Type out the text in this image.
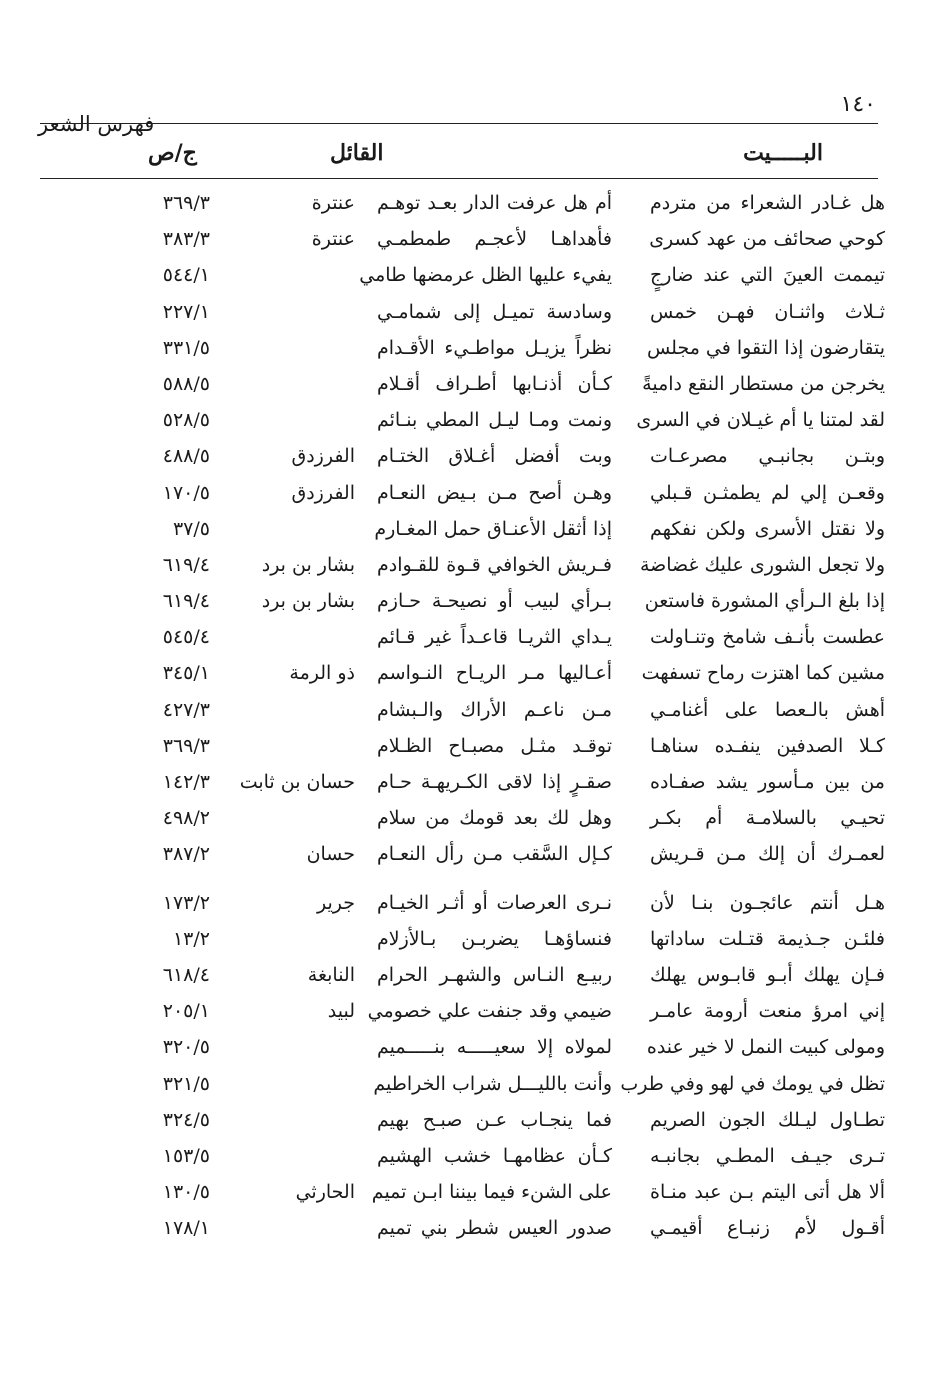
١٤٠
فهرس الشعر
البـــــيت
القائل
ج/ص
هل غـادر الشعراء من متردم
أم هل عرفت الدار بعـد توهـم
عنترة
٣٦٩/٣
كوحي صحائف من عهد كسرى
فأهداهـا لأعجـم طمطمـي
عنترة
٣٨٣/٣
تيممت العينَ التي عند ضارجٍ
يفيء عليها الظل عرمضها طامي
٥٤٤/١
ثـلاث واثنـان فهـن خمس
وسادسة تميـل إلى شمامـي
٢٢٧/١
يتقارضون إذا التقوا في مجلس
نظراً يزيـل مواطـيء الأقـدام
٣٣١/٥
يخرجن من مستطار النقع داميةً
كـأن أذنـابها أطـراف أقـلام
٥٨٨/٥
لقد لمتنا يا أم غيـلان في السرى
ونمت ومـا ليـل المطي بنـائم
٥٢٨/٥
وبتـن بجانبـي مصرعـات
وبت أفضل أغـلاق الختـام
الفرزدق
٤٨٨/٥
وقعـن إلي لم يطمثـن قـبلي
وهـن أصح مـن بـيض النعـام
الفرزدق
١٧٠/٥
ولا نقتل الأسرى ولكن نفكهم
إذا أثقل الأعنـاق حمل المغـارم
٣٧/٥
ولا تجعل الشورى عليك غضاضة
فـريش الخوافي قـوة للقـوادم
بشار بن برد
٦١٩/٤
إذا بلغ الـرأي المشورة فاستعن
بـرأي لبيب أو نصيحـة حـازم
بشار بن برد
٦١٩/٤
عطست بأنـف شامخ وتنـاولت
يـداي الثريـا قاعـداً غير قـائم
٥٤٥/٤
مشين كما اهتزت رماح تسفهت
أعـاليها مـر الريـاح النـواسم
ذو الرمة
٣٤٥/١
أهش بالـعصا على أغنامـي
مـن ناعـم الأراك والـبشام
٤٢٧/٣
كـلا الصدفين ينفـده سناهـا
توقـد مثـل مصبـاح الظـلام
٣٦٩/٣
من بين مـأسور يشد صفـاده
صقـرٍ إذا لاقى الكـريهـة حـام
حسان بن ثابت
١٤٢/٣
تحيـي بالسلامـة أم بكـر
وهل لك بعد قومك من سلام
٤٩٨/٢
لعمـرك أن إلك مـن قـريش
كـإل السَّقب مـن رأل النعـام
حسان
٣٨٧/٢
هـل أنتم عائجـون بنـا لأن
نـرى العرصات أو أثـر الخيـام
جرير
١٧٣/٢
فلئـن جـذيمة قتـلت ساداتها
فنساؤهـا يضربـن بـالأزلام
١٣/٢
فـإن يهلك أبـو قابـوس يهلك
ربيـع النـاس والشهـر الحرام
النابغة
٦١٨/٤
إني امرؤ منعت أرومة عامـر
ضيمي وقد جنفت علي خصومي
لبيد
٢٠٥/١
ومولى كبيت النمل لا خير عنده
لمولاه إلا سعيـــــه بنـــــميم
٣٢٠/٥
تظل في يومك في لهو وفي طرب
وأنت بالليـــل شراب الخراطيم
٣٢١/٥
تطـاول ليـلك الجون الصريم
فما ينجـاب عـن صبـح بهيم
٣٢٤/٥
تـرى جيـف المطـي بجانبـه
كـأن عظامهـا خشب الهشيم
١٥٣/٥
ألا هل أتى اليتم بـن عبد منـاة
على الشنء فيما بيننا ابـن تميم
الحارثي
١٣٠/٥
أقـول لأم زنبـاع أقيمـي
صدور العيس شطر بني تميم
١٧٨/١
